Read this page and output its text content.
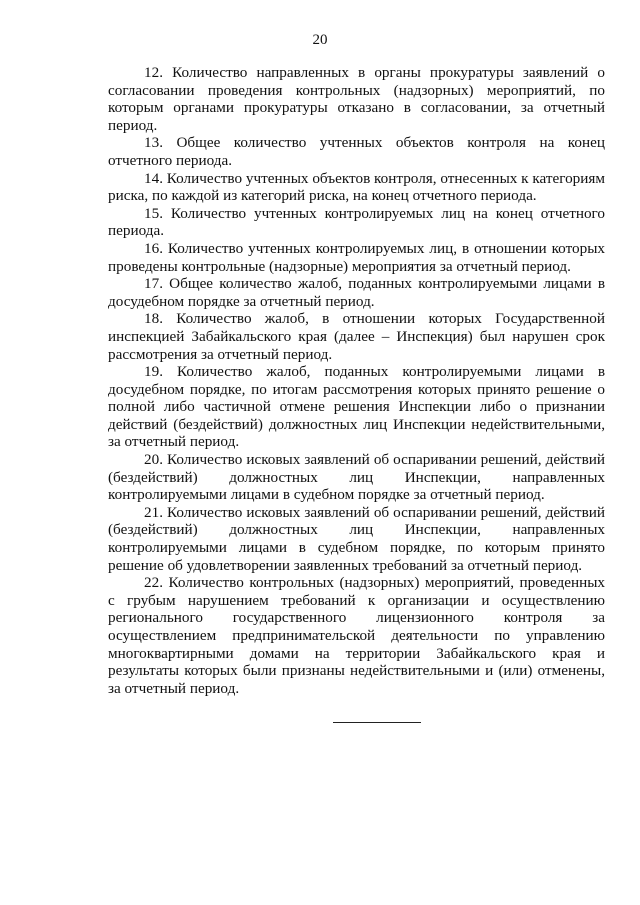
20

12. Количество направленных в органы прокуратуры заявлений о согласовании проведения контрольных (надзорных) мероприятий, по которым органами прокуратуры отказано в согласовании, за отчетный период.

13. Общее количество учтенных объектов контроля на конец отчетного периода.

14. Количество учтенных объектов контроля, отнесенных к категориям риска, по каждой из категорий риска, на конец отчетного периода.

15. Количество учтенных контролируемых лиц на конец отчетного периода.

16. Количество учтенных контролируемых лиц, в отношении которых проведены контрольные (надзорные) мероприятия за отчетный период.

17. Общее количество жалоб, поданных контролируемыми лицами в досудебном порядке за отчетный период.

18. Количество жалоб, в отношении которых Государственной инспекцией Забайкальского края (далее – Инспекция) был нарушен срок рассмотрения за отчетный период.

19. Количество жалоб, поданных контролируемыми лицами в досудебном порядке, по итогам рассмотрения которых принято решение о полной либо частичной отмене решения Инспекции либо о признании действий (бездействий) должностных лиц Инспекции недействительными, за отчетный период.

20. Количество исковых заявлений об оспаривании решений, действий (бездействий) должностных лиц Инспекции, направленных контролируемыми лицами в судебном порядке за отчетный период.

21. Количество исковых заявлений об оспаривании решений, действий (бездействий) должностных лиц Инспекции, направленных контролируемыми лицами в судебном порядке, по которым принято решение об удовлетворении заявленных требований за отчетный период.

22. Количество контрольных (надзорных) мероприятий, проведенных с грубым нарушением требований к организации и осуществлению регионального государственного лицензионного контроля за осуществлением предпринимательской деятельности по управлению многоквартирными домами на территории Забайкальского края и результаты которых были признаны недействительными и (или) отменены, за отчетный период.
